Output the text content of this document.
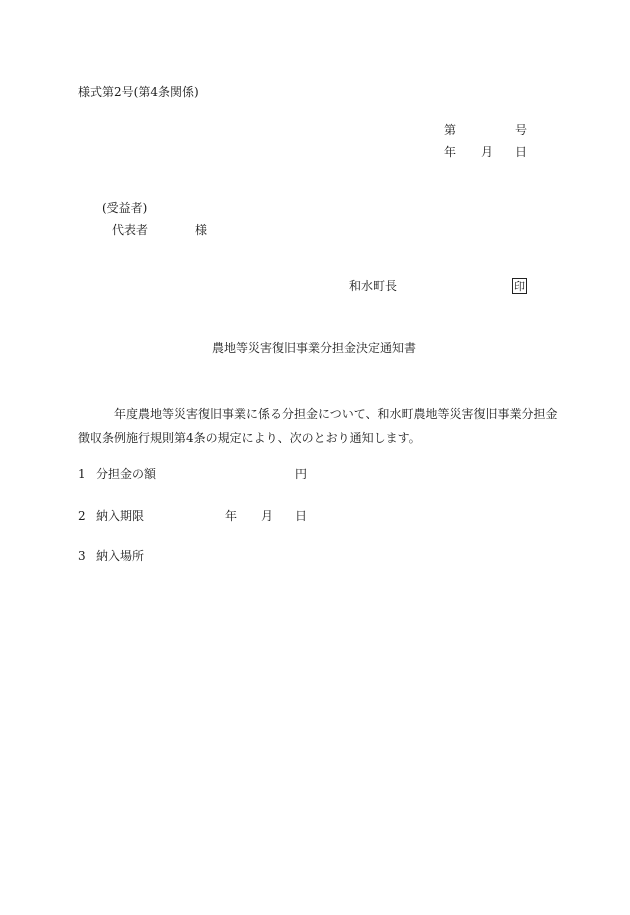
様式第2号(第4条関係)
第	号
年 月 日
(受益者)
代表者	様
和水町長	印
農地等災害復旧事業分担金決定通知書
年度農地等災害復旧事業に係る分担金について、和水町農地等災害復旧事業分担金
徴収条例施行規則第4条の規定により、次のとおり通知します。
1 分担金の額	円
2 納入期限	年 月 日
3 納入場所
